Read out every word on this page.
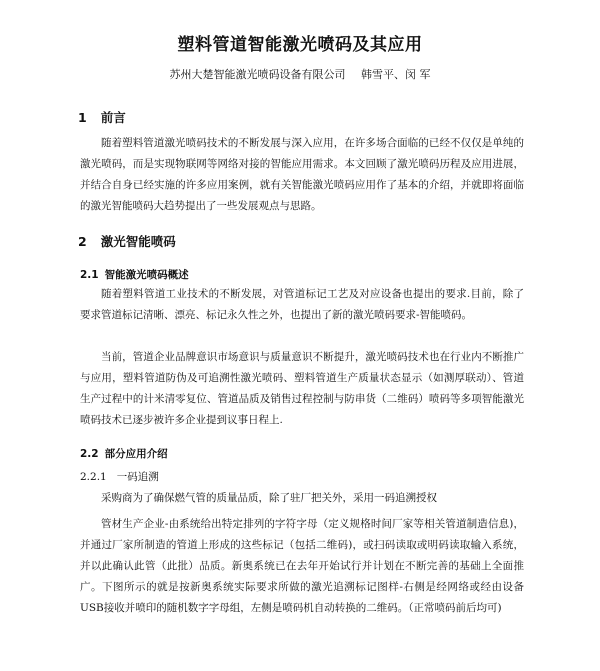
塑料管道智能激光喷码及其应用
苏州大楚智能激光喷码设备有限公司 韩雪平、闵 军
1 前言

随着塑料管道激光喷码技术的不断发展与深入应用，在许多场合面临的已经不仅仅是单纯的激光喷码，而是实现物联网等网络对接的智能应用需求。本文回顾了激光喷码历程及应用进展，并结合自身已经实施的许多应用案例，就有关智能激光喷码应用作了基本的介绍，并就即将面临的激光智能喷码大趋势提出了一些发展观点与思路。

2 激光智能喷码
2.1 智能激光喷码概述

随着塑料管道工业技术的不断发展，对管道标记工艺及对应设备也提出的要求.目前，除了要求管道标记清晰、漂亮、标记永久性之外，也提出了新的激光喷码要求-智能喷码。

当前，管道企业品牌意识市场意识与质量意识不断提升，激光喷码技术也在行业内不断推广与应用，塑料管道防伪及可追溯性激光喷码、塑料管道生产质量状态显示（如测厚联动）、管道生产过程中的计米清零复位、管道品质及销售过程控制与防串货（二维码）喷码等多项智能激光喷码技术已逐步被许多企业提到议事日程上.

2.2 部分应用介绍
2.2.1 一码追溯

采购商为了确保燃气管的质量品质，除了驻厂把关外，采用一码追溯授权

管材生产企业-由系统给出特定排列的字符字母（定义规格时间厂家等相关管道制造信息)，并通过厂家所制造的管道上形成的这些标记（包括二维码)，或扫码读取或明码读取输入系统，并以此确认此管（此批）品质。新奥系统已在去年开始试行并计划在不断完善的基础上全面推广。下图所示的就是按新奥系统实际要求所做的激光追溯标记图样-右侧是经网络或经由设备 USB接收并喷印的随机数字字母组，左侧是喷码机自动转换的二维码。（正常喷码前后均可)
